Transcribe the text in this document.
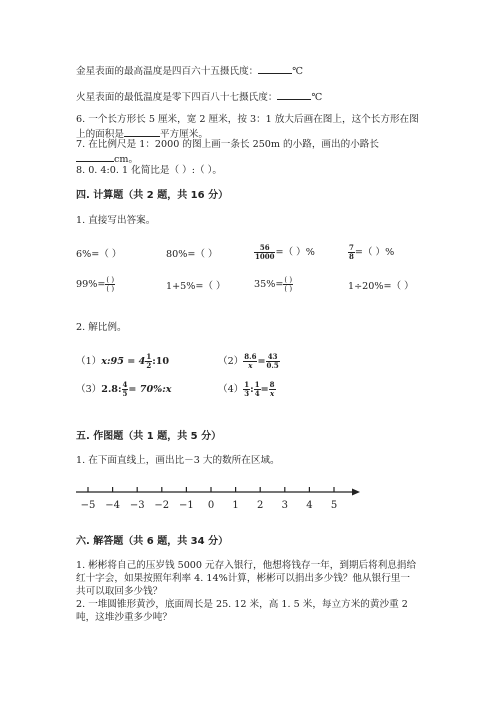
金星表面的最高温度是四百六十五摄氏度：	℃
火星表面的最低温度是零下四百八十七摄氏度：	℃
6. 一个长方形长 5 厘米，宽 2 厘米，按 3：1 放大后画在图上，这个长方形在图
上的面积是	平方厘米。
7. 在比例尺是 1：2000 的图上画一条长 250m 的小路，画出的小路长
cm。
8. 0. 4:0. 1 化简比是（ ）:（ ）。
四. 计算题（共 2 题，共 16 分）
1. 直接写出答案。
6%=（ ）	80%=（ ）	$\frac{56}{1000}$ =（ ）%	$\frac{7}{8}$ =（ ）%
$99\%= \frac{( )}{( )}$	1+5%=（ ）	$35\%= \frac{( )}{( )}$	1÷20%=（ ）
2. 解比例。
（1）x:95 = $4 \frac{1}{2}$ :10	$(2) \frac{8.6}{x} = \frac{43}{0.5}$
（3）2.8: $\frac{4}{5}$ = 70%:x	$(4) \frac{1}{3}$ : $\frac{1}{4} = \frac{8}{x}$
五. 作图题（共 1 题，共 5 分）
1. 在下面直线上，画出比－3 大的数所在区域。
−5 −4 −3 −2 −1 0 1 2 3 4 5
六. 解答题（共 6 题，共 34 分）
1. 彬彬将自己的压岁钱 5000 元存入银行，他想将钱存一年，到期后将利息捐给
红十字会，如果按照年利率 4. 14%计算，彬彬可以捐出多少钱？他从银行里一
共可以取回多少钱？
2. 一堆圆锥形黄沙，底面周长是 25. 12 米，高 1. 5 米，每立方米的黄沙重 2
吨，这堆沙重多少吨？
